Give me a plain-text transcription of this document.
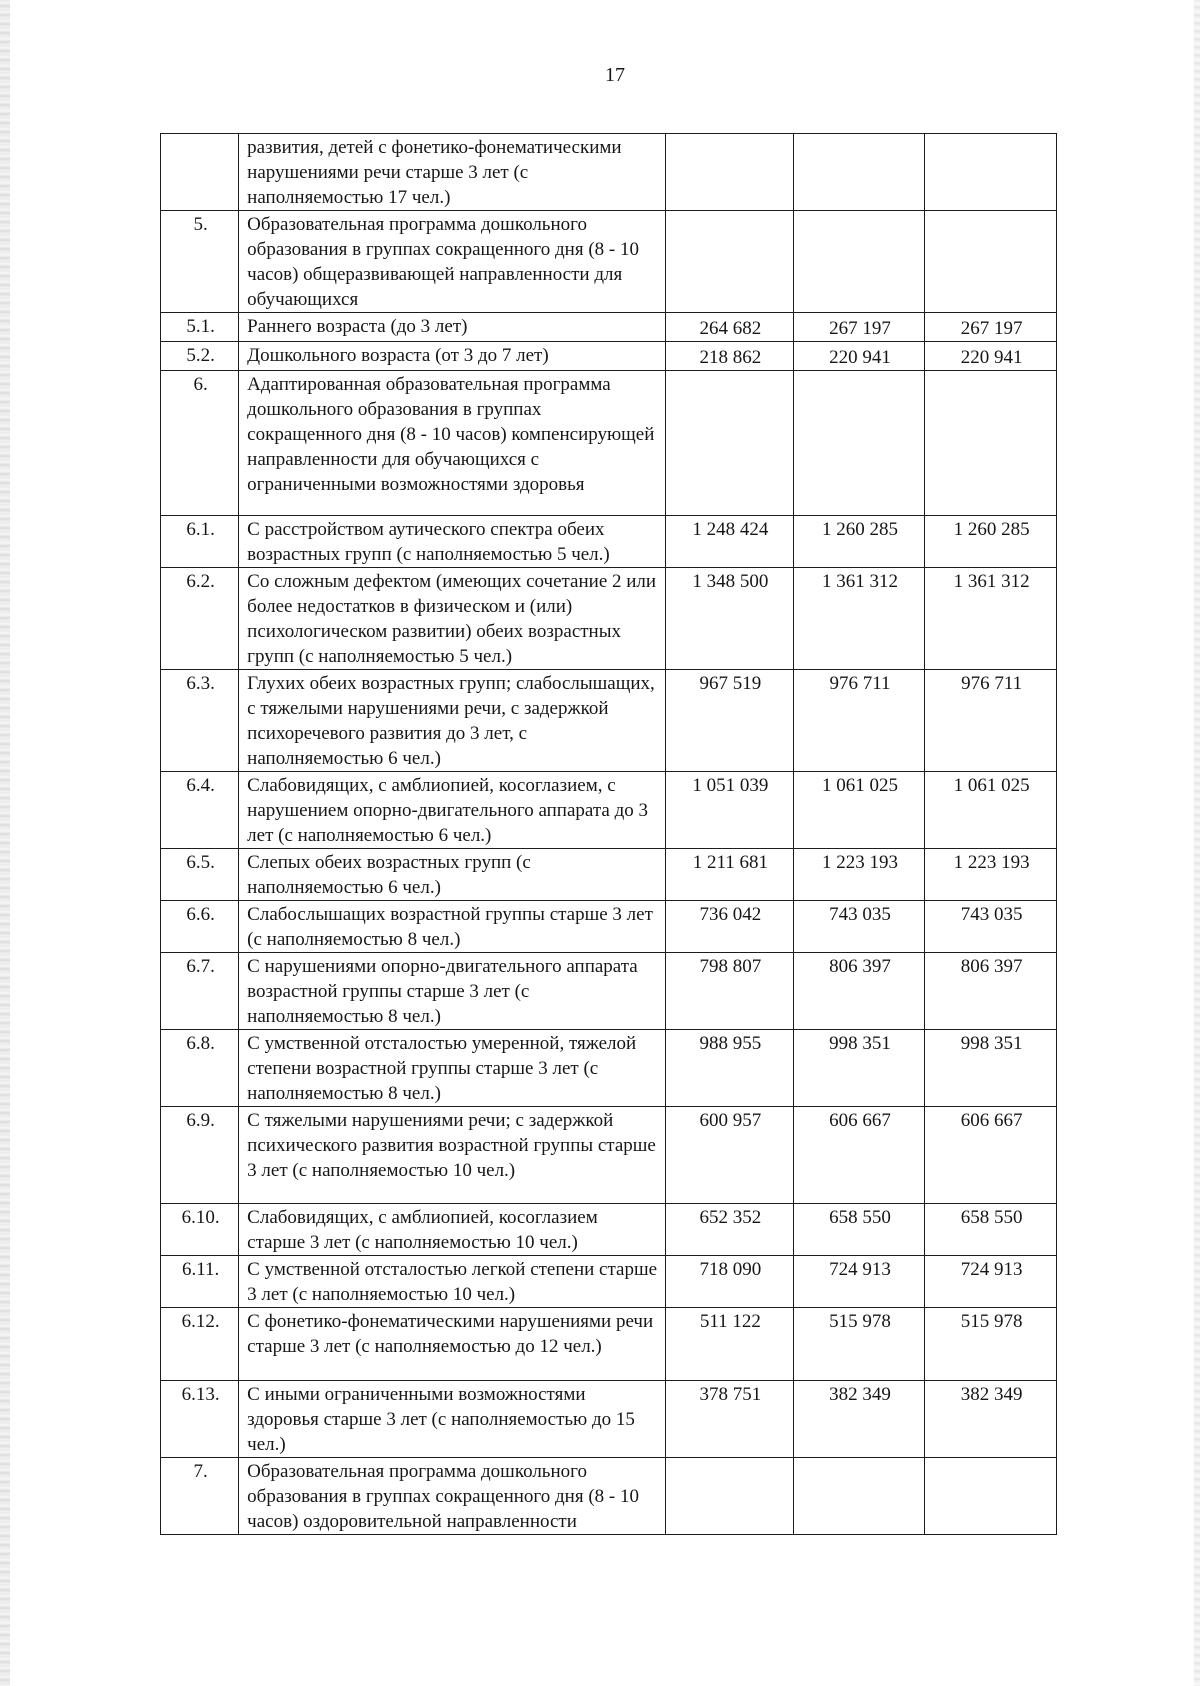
17
	развития, детей с фонетико-фонематическими нарушениями речи старше 3 лет (с наполняемостью 17 чел.)			
5.	Образовательная программа дошкольного образования в группах сокращенного дня (8 - 10 часов) общеразвивающей направленности для обучающихся			
5.1.	Раннего возраста (до 3 лет)	264 682	267 197	267 197
5.2.	Дошкольного возраста (от 3 до 7 лет)	218 862	220 941	220 941
6.	Адаптированная образовательная программа дошкольного образования в группах сокращенного дня (8 - 10 часов) компенсирующей направленности для обучающихся с ограниченными возможностями здоровья			
6.1.	С расстройством аутического спектра обеих возрастных групп (с наполняемостью 5 чел.)	1 248 424	1 260 285	1 260 285
6.2.	Со сложным дефектом (имеющих сочетание 2 или более недостатков в физическом и (или) психологическом развитии) обеих возрастных групп (с наполняемостью 5 чел.)	1 348 500	1 361 312	1 361 312
6.3.	Глухих обеих возрастных групп; слабослышащих, с тяжелыми нарушениями речи, с задержкой психоречевого развития до 3 лет, с наполняемостью 6 чел.)	967 519	976 711	976 711
6.4.	Слабовидящих, с амблиопией, косоглазием, с нарушением опорно-двигательного аппарата до 3 лет (с наполняемостью 6 чел.)	1 051 039	1 061 025	1 061 025
6.5.	Слепых обеих возрастных групп (с наполняемостью 6 чел.)	1 211 681	1 223 193	1 223 193
6.6.	Слабослышащих возрастной группы старше 3 лет (с наполняемостью 8 чел.)	736 042	743 035	743 035
6.7.	С нарушениями опорно-двигательного аппарата возрастной группы старше 3 лет (с наполняемостью 8 чел.)	798 807	806 397	806 397
6.8.	С умственной отсталостью умеренной, тяжелой степени возрастной группы старше 3 лет (с наполняемостью 8 чел.)	988 955	998 351	998 351
6.9.	С тяжелыми нарушениями речи; с задержкой психического развития возрастной группы старше 3 лет (с наполняемостью 10 чел.)	600 957	606 667	606 667
6.10.	Слабовидящих, с амблиопией, косоглазием старше 3 лет (с наполняемостью 10 чел.)	652 352	658 550	658 550
6.11.	С умственной отсталостью легкой степени старше 3 лет (с наполняемостью 10 чел.)	718 090	724 913	724 913
6.12.	С фонетико-фонематическими нарушениями речи старше 3 лет (с наполняемостью до 12 чел.)	511 122	515 978	515 978
6.13.	С иными ограниченными возможностями здоровья старше 3 лет (с наполняемостью до 15 чел.)	378 751	382 349	382 349
7.	Образовательная программа дошкольного образования в группах сокращенного дня (8 - 10 часов) оздоровительной направленности			
